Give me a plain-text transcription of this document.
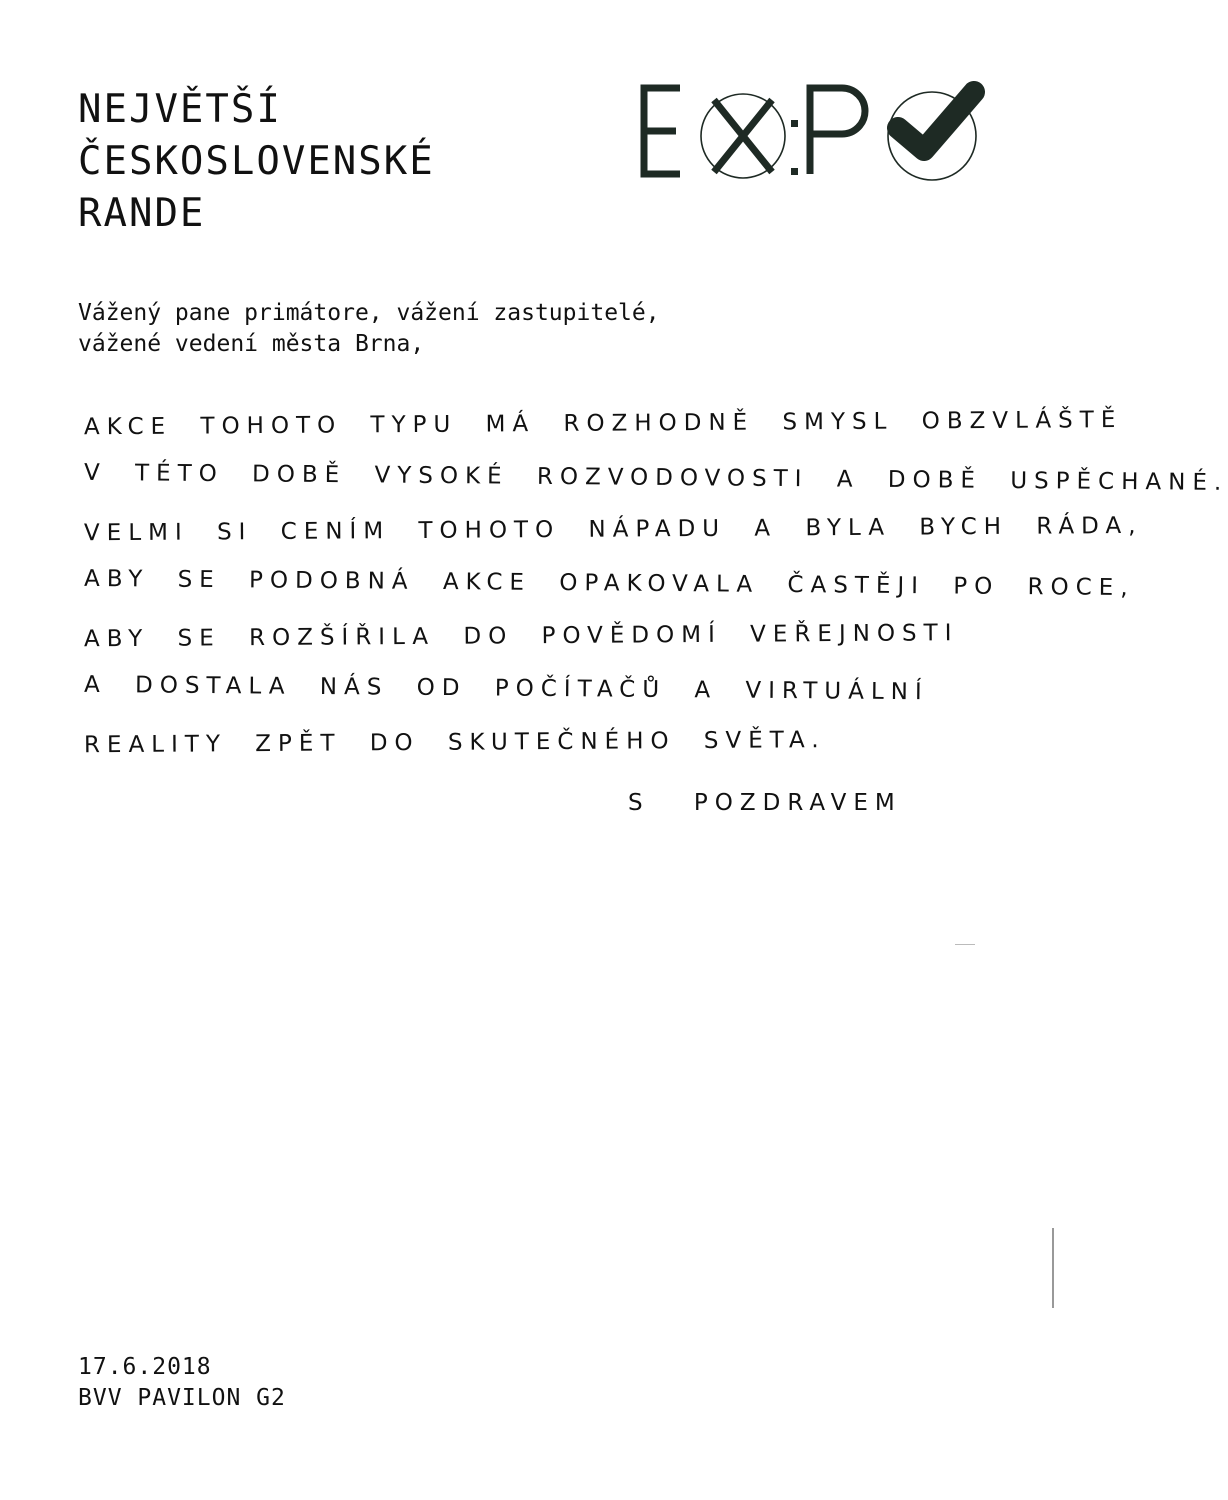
NEJVĚTŠÍ
ČESKOSLOVENSKÉ
RANDE
Vážený pane primátore, vážení zastupitelé,
vážené vedení města Brna,
AKCE TOHOTO TYPU MÁ ROZHODNĚ SMYSL OBZVLÁŠTĚ
V TÉTO DOBĚ VYSOKÉ ROZVODOVOSTI A DOBĚ USPĚCHANÉ.
VELMI SI CENÍM TOHOTO NÁPADU A BYLA BYCH RÁDA,
ABY SE PODOBNÁ AKCE OPAKOVALA ČASTĚJI PO ROCE,
ABY SE ROZŠÍŘILA DO POVĚDOMÍ VEŘEJNOSTI
A DOSTALA NÁS OD POČÍTAČŮ A VIRTUÁLNÍ
REALITY ZPĚT DO SKUTEČNÉHO SVĚTA.
S POZDRAVEM
17.6.2018
BVV PAVILON G2
